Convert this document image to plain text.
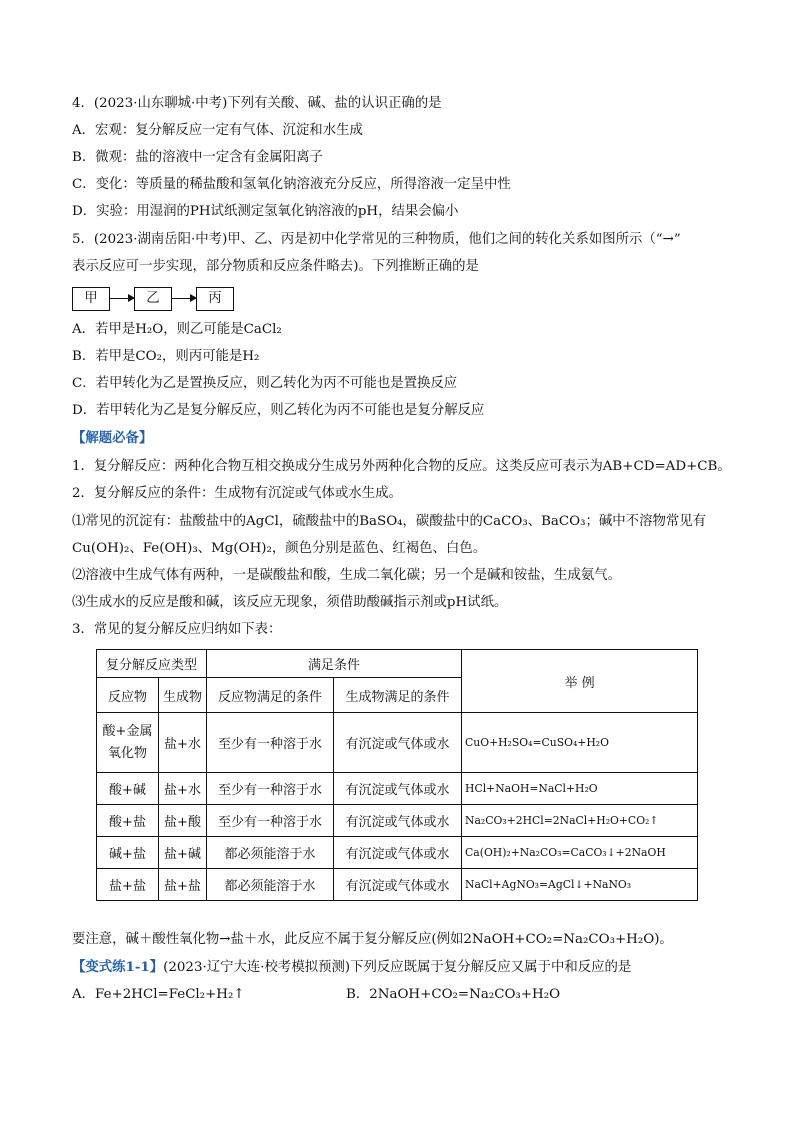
4．(2023·山东聊城·中考)下列有关酸、碱、盐的认识正确的是
A．宏观：复分解反应一定有气体、沉淀和水生成
B．微观：盐的溶液中一定含有金属阳离子
C．变化：等质量的稀盐酸和氢氧化钠溶液充分反应，所得溶液一定呈中性
D．实验：用湿润的PH试纸测定氢氧化钠溶液的pH，结果会偏小
5．(2023·湖南岳阳·中考)甲、乙、丙是初中化学常见的三种物质，他们之间的转化关系如图所示（“→”
表示反应可一步实现，部分物质和反应条件略去)。下列推断正确的是
甲	乙	丙
A．若甲是H₂O，则乙可能是CaCl₂
B．若甲是CO₂，则丙可能是H₂
C．若甲转化为乙是置换反应，则乙转化为丙不可能也是置换反应
D．若甲转化为乙是复分解反应，则乙转化为丙不可能也是复分解反应
【解题必备】
1．复分解反应：两种化合物互相交换成分生成另外两种化合物的反应。这类反应可表示为AB+CD=AD+CB。
2．复分解反应的条件：生成物有沉淀或气体或水生成。
⑴常见的沉淀有：盐酸盐中的AgCl，硫酸盐中的BaSO₄，碳酸盐中的CaCO₃、BaCO₃；碱中不溶物常见有
Cu(OH)₂、Fe(OH)₃、Mg(OH)₂，颜色分别是蓝色、红褐色、白色。
⑵溶液中生成气体有两种，一是碳酸盐和酸，生成二氧化碳；另一个是碱和铵盐，生成氨气。
⑶生成水的反应是酸和碱，该反应无现象，须借助酸碱指示剂或pH试纸。
3．常见的复分解反应归纳如下表：
复分解反应类型		满足条件		举 例
反应物	生成物	反应物满足的条件	生成物满足的条件	
酸+金属氧化物	盐+水	至少有一种溶于水	有沉淀或气体或水	CuO+H₂SO₄=CuSO₄+H₂O
酸+碱	盐+水	至少有一种溶于水	有沉淀或气体或水	HCl+NaOH=NaCl+H₂O
酸+盐	盐+酸	至少有一种溶于水	有沉淀或气体或水	Na₂CO₃+2HCl=2NaCl+H₂O+CO₂↑
碱+盐	盐+碱	都必须能溶于水	有沉淀或气体或水	Ca(OH)₂+Na₂CO₃=CaCO₃↓+2NaOH
盐+盐	盐+盐	都必须能溶于水	有沉淀或气体或水	NaCl+AgNO₃=AgCl↓+NaNO₃
要注意，碱＋酸性氧化物→盐＋水，此反应不属于复分解反应(例如2NaOH+CO₂=Na₂CO₃+H₂O)。
【变式练1-1】(2023·辽宁大连·校考模拟预测)下列反应既属于复分解反应又属于中和反应的是
A．Fe+2HCl=FeCl₂+H₂↑	B．2NaOH+CO₂=Na₂CO₃+H₂O
